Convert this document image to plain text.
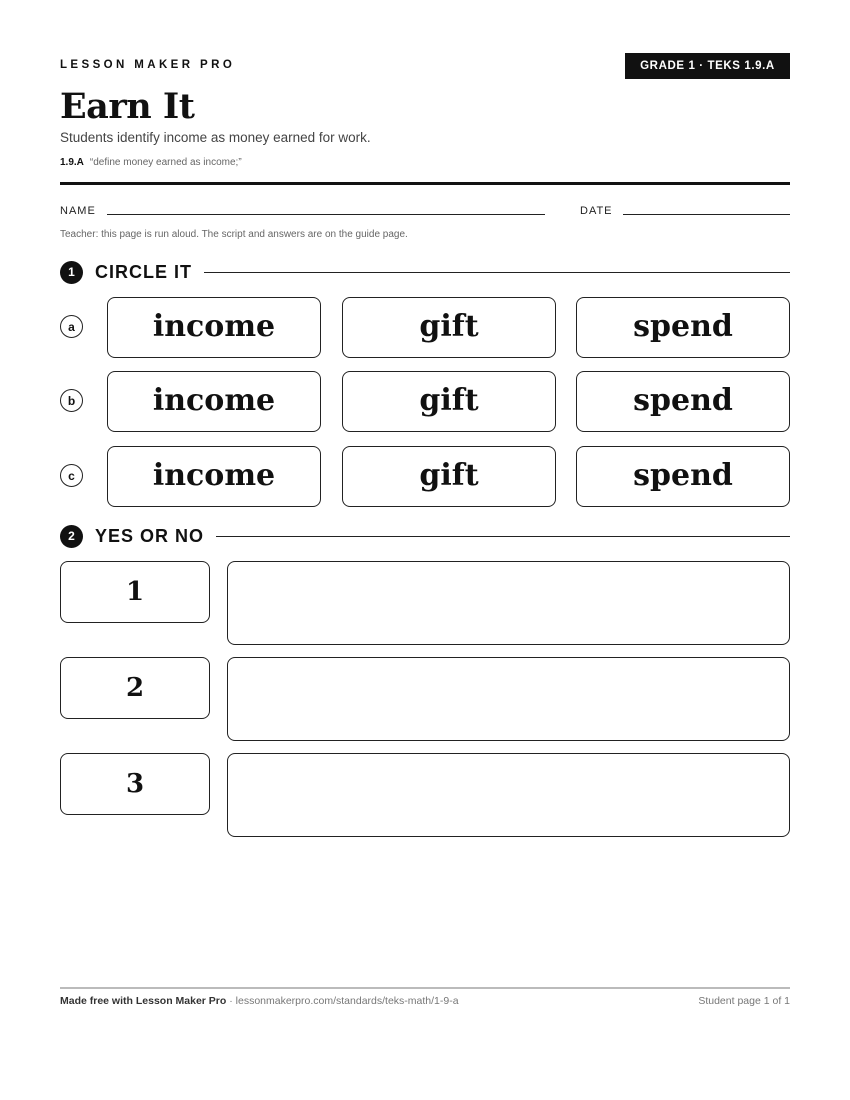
LESSON MAKER PRO	GRADE 1 · TEKS 1.9.A
Earn It
Students identify income as money earned for work.
1.9.A “define money earned as income;”
NAME	DATE
Teacher: this page is run aloud. The script and answers are on the guide page.
1	CIRCLE IT
a	income	gift	spend
b	income	gift	spend
c	income	gift	spend
2	YES OR NO
1
2
3
Made free with Lesson Maker Pro · lessonmakerpro.com/standards/teks-math/1-9-a	Student page 1 of 1
